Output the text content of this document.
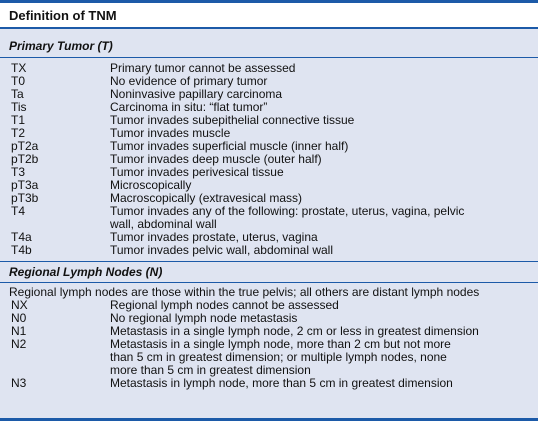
Definition of TNM
Primary Tumor (T)
TX	Primary tumor cannot be assessed
T0	No evidence of primary tumor
Ta	Noninvasive papillary carcinoma
Tis	Carcinoma in situ: “flat tumor”
T1	Tumor invades subepithelial connective tissue
T2	Tumor invades muscle
pT2a	Tumor invades superficial muscle (inner half)
pT2b	Tumor invades deep muscle (outer half)
T3	Tumor invades perivesical tissue
pT3a	Microscopically
pT3b	Macroscopically (extravesical mass)
T4	Tumor invades any of the following: prostate, uterus, vagina, pelvic
wall, abdominal wall
T4a	Tumor invades prostate, uterus, vagina
T4b	Tumor invades pelvic wall, abdominal wall
Regional Lymph Nodes (N)
Regional lymph nodes are those within the true pelvis; all others are distant lymph nodes
NX	Regional lymph nodes cannot be assessed
N0	No regional lymph node metastasis
N1	Metastasis in a single lymph node, 2 cm or less in greatest dimension
N2	Metastasis in a single lymph node, more than 2 cm but not more
than 5 cm in greatest dimension; or multiple lymph nodes, none
more than 5 cm in greatest dimension
N3	Metastasis in lymph node, more than 5 cm in greatest dimension
